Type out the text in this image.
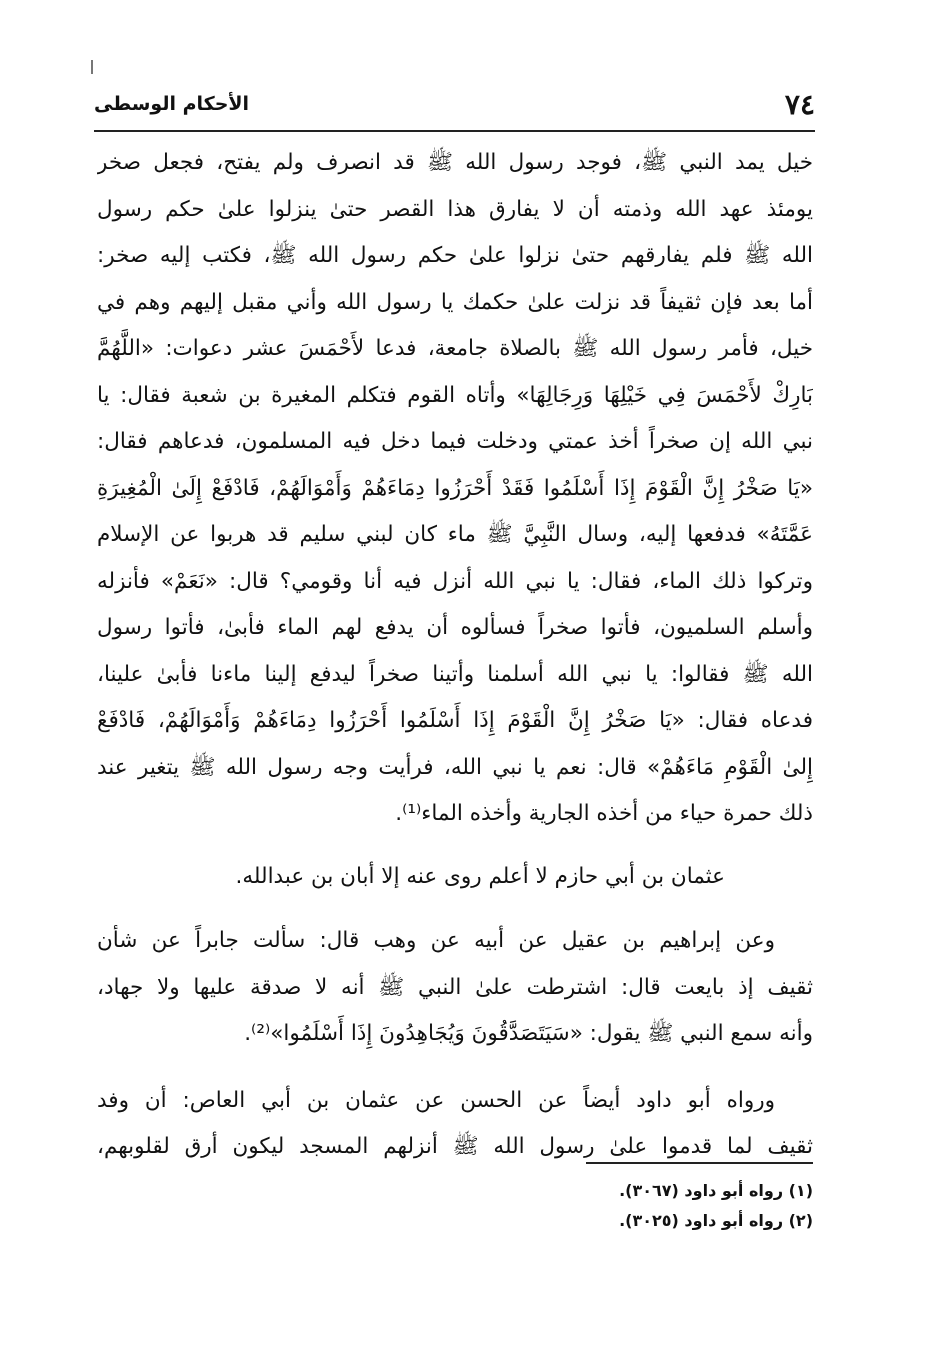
٧٤
الأحكام الوسطى
خيل يمد النبي ﷺ، فوجد رسول الله ﷺ قد انصرف ولم يفتح، فجعل صخر
يومئذ عهد الله وذمته أن لا يفارق هذا القصر حتىٰ ينزلوا علىٰ حكم رسول
الله ﷺ فلم يفارقهم حتىٰ نزلوا علىٰ حكم رسول الله ﷺ، فكتب إليه صخر:
أما بعد فإن ثقيفاً قد نزلت علىٰ حكمك يا رسول الله وأني مقبل إليهم وهم في
خيل، فأمر رسول الله ﷺ بالصلاة جامعة، فدعا لأَحْمَسَ عشر دعوات: «اللَّهُمَّ
بَارِكْ لأَحْمَسَ فِي خَيْلِهَا وَرِجَالِهَا» وأتاه القوم فتكلم المغيرة بن شعبة فقال: يا
نبي الله إن صخراً أخذ عمتي ودخلت فيما دخل فيه المسلمون، فدعاهم فقال:
«يَا صَخْرُ إِنَّ الْقَوْمَ إِذَا أَسْلَمُوا فَقَدْ أَحْرَزُوا دِمَاءَهُمْ وَأَمْوَالَهُمْ، فَادْفَعْ إِلَىٰ الْمُغِيرَةِ
عَمَّتَهُ» فدفعها إليه، وسال النَّبِيَّ ﷺ ماء كان لبني سليم قد هربوا عن الإسلام
وتركوا ذلك الماء، فقال: يا نبي الله أنزل فيه أنا وقومي؟ قال: «نَعَمْ» فأنزله
وأسلم السلميون، فأتوا صخراً فسألوه أن يدفع لهم الماء فأبىٰ، فأتوا رسول
الله ﷺ فقالوا: يا نبي الله أسلمنا وأتينا صخراً ليدفع إلينا ماءنا فأبىٰ علينا،
فدعاه فقال: «يَا صَخْرُ إِنَّ الْقَوْمَ إِذَا أَسْلَمُوا أَحْرَزُوا دِمَاءَهُمْ وَأَمْوَالَهُمْ، فَادْفَعْ
إِلىٰ الْقَوْمِ مَاءَهُمْ» قال: نعم يا نبي الله، فرأيت وجه رسول الله ﷺ يتغير عند
ذلك حمرة حياء من أخذه الجارية وأخذه الماء⁽¹⁾.
عثمان بن أبي حازم لا أعلم روى عنه إلا أبان بن عبدالله.
وعن إبراهيم بن عقيل عن أبيه عن وهب قال: سألت جابراً عن شأن
ثقيف إذ بايعت قال: اشترطت علىٰ النبي ﷺ أنه لا صدقة عليها ولا جهاد،
وأنه سمع النبي ﷺ يقول: «سَيَتَصَدَّقُونَ وَيُجَاهِدُونَ إِذَا أَسْلَمُوا»⁽²⁾.
ورواه أبو داود أيضاً عن الحسن عن عثمان بن أبي العاص: أن وفد
ثقيف لما قدموا علىٰ رسول الله ﷺ أنزلهم المسجد ليكون أرق لقلوبهم،
(١) رواه أبو داود (٣٠٦٧).
(٢) رواه أبو داود (٣٠٢٥).
